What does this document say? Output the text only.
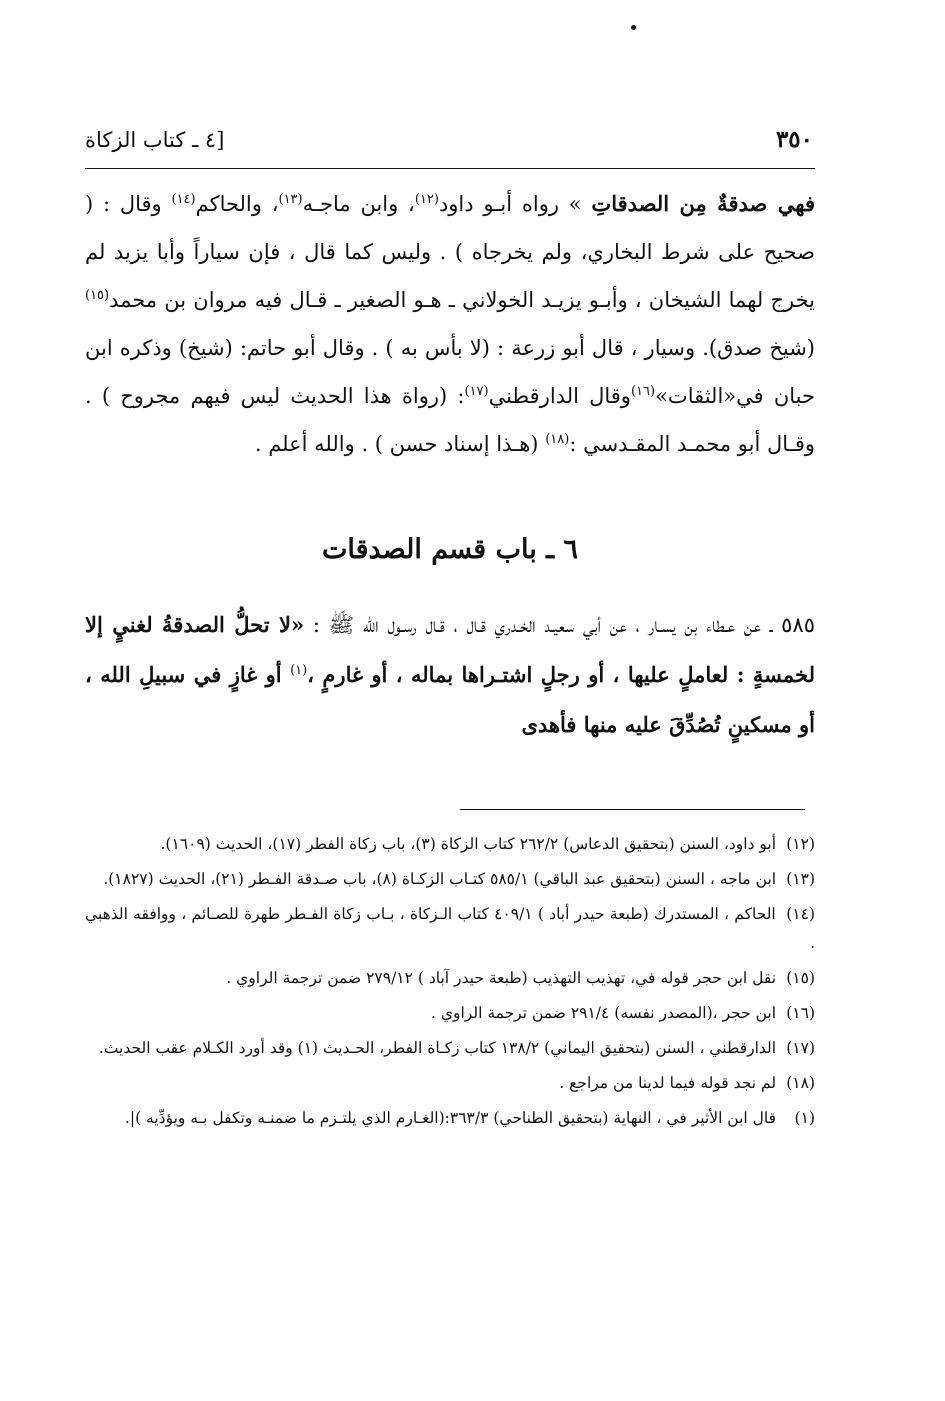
٣٥٠
[٤ ـ كتاب الزكاة

فهي صدقةٌ مِن الصدقاتِ » رواه أبـو داود$^{(١٢)}$، وابن ماجـه$^{(١٣)}$، والحاكم$^{(١٤)}$ وقال : ( صحيح على شرط البخاري، ولم يخرجاه ) . وليس كما قال ، فإن سياراً وأبا يزيد لم يخرج لهما الشيخان ، وأبـو يزيـد الخولاني ـ هـو الصغير ـ قـال فيه مروان بن محمد$^{(١٥)}$ (شيخ صدق). وسيار ، قال أبو زرعة : (لا بأس به ) . وقال أبو حاتم: (شيخ) وذكره ابن حبان في«الثقات»$^{(١٦)}$وقال الدارقطني$^{(١٧)}$: (رواة هذا الحديث ليس فيهم مجروح ) . وقـال أبو محمـد المقـدسي :$^{(١٨)}$ (هـذا إسناد حسن ) . والله أعلم .

٦ ـ باب قسم الصدقات

٥٨٥ ـ عن عـطاء بن يسـار ، عن أبي سعيـد الخـدري قـال ، قـال رسـول الله ﷺ : «لا تحلُّ الصدقةُ لغنيٍ إلا لخمسةٍ : لعاملٍ عليها ، أو رجلٍ اشتـراها بماله ، أو غارمٍ ،$^{(١)}$ أو غازٍ في سبيلِ الله ، أو مسكينٍ تُصُدِّقَ عليه منها فأهدى

(١٢) أبو داود، السنن (بتحقيق الدعاس) ٢٦٢/٢ كتاب الزكاة (٣)، باب زكاة الفطر (١٧)، الحديث (١٦٠٩).

(١٣) ابن ماجه ، السنن (بتحقيق عبد الباقي) ٥٨٥/١ كتـاب الزكـاة (٨)، باب صـدقة الفـطر (٢١)، الحديث (١٨٢٧).

(١٤) الحاكم ، المستدرك (طبعة حيدر أباد ) ٤٠٩/١ كتاب الـزكاة ، بـاب زكاة الفـطر طهرة للصـائم ، ووافقه الذهبي .

(١٥) نقل ابن حجر قوله في، تهذيب التهذيب (طبعة حيدر آباد ) ٢٧٩/١٢ ضمن ترجمة الراوي .

(١٦) ابن حجر ،(المصدر نفسه) ٢٩١/٤ ضمن ترجمة الراوي .

(١٧) الدارقطني ، السنن (بتحقيق اليماني) ١٣٨/٢ كتاب زكـاة الفطر، الحـديث (١) وقد أورد الكـلام عقب الحديث.

(١٨) لم نجد قوله فيما لدينا من مراجع .

(١) قال ابن الأثير في ، النهاية (بتحقيق الطناحي) ٣٦٣/٣:(الغـارم الذي يلتـزم ما ضمنـه وتكفل بـه ويؤدِّيه )|.
